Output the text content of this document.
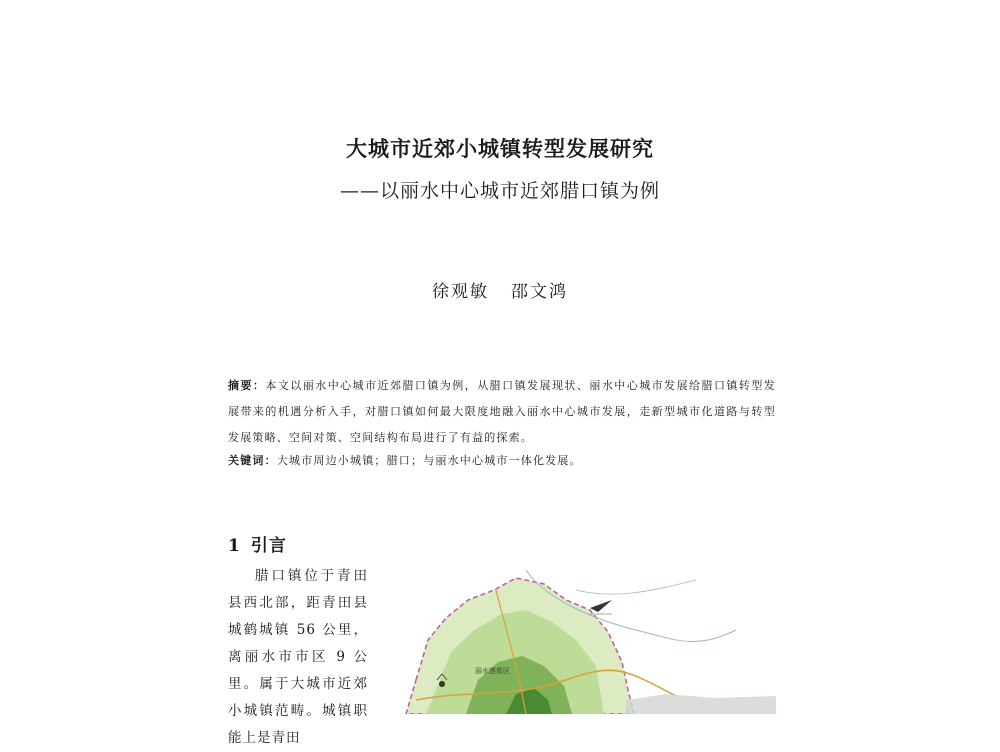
大城市近郊小城镇转型发展研究
——以丽水中心城市近郊腊口镇为例
徐观敏 邵文鸿
摘要：本文以丽水中心城市近郊腊口镇为例，从腊口镇发展现状、丽水中心城市发展给腊口镇转型发展带来的机遇分析入手，对腊口镇如何最大限度地融入丽水中心城市发展，走新型城市化道路与转型发展策略、空间对策、空间结构布局进行了有益的探索。
关键词：大城市周边小城镇；腊口；与丽水中心城市一体化发展。
1 引言
腊口镇位于青田县西北部，距青田县城鹤城镇 56 公里，离丽水市市区 9 公里。属于大城市近郊小城镇范畴。城镇职能上是青田
丽水莲都区
